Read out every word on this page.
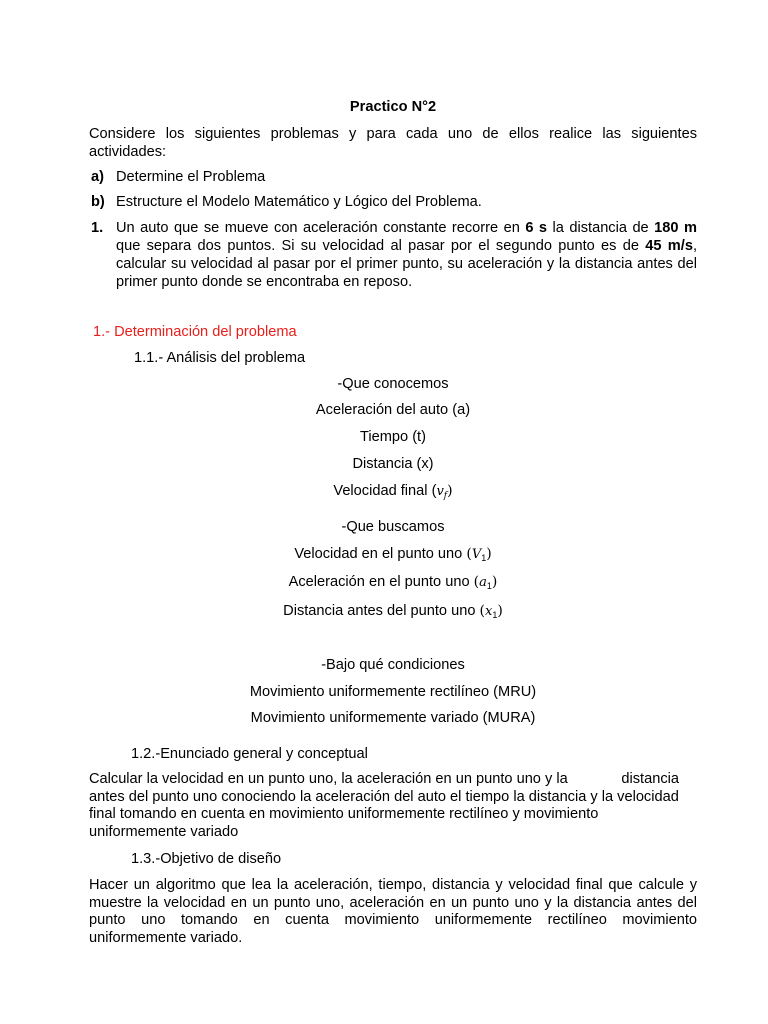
Practico N°2
Considere los siguientes problemas y para cada uno de ellos realice las siguientes actividades:
a) Determine el Problema
b) Estructure el Modelo Matemático y Lógico del Problema.
1. Un auto que se mueve con aceleración constante recorre en 6 s la distancia de 180 m que separa dos puntos. Si su velocidad al pasar por el segundo punto es de 45 m/s, calcular su velocidad al pasar por el primer punto, su aceleración y la distancia antes del primer punto donde se encontraba en reposo.
1.- Determinación del problema
1.1.- Análisis del problema
-Que conocemos
Aceleración del auto (a)
Tiempo (t)
Distancia (x)
Velocidad final $(v_f)$
-Que buscamos
Velocidad en el punto uno $(V_1)$
Aceleración en el punto uno $(a_1)$
Distancia antes del punto uno $(x_1)$
-Bajo qué condiciones
Movimiento uniformemente rectilíneo (MRU)
Movimiento uniformemente variado (MURA)
1.2.-Enunciado general y conceptual
Calcular la velocidad en un punto uno, la aceleración en un punto uno y la	distancia
antes del punto uno conociendo la aceleración del auto el tiempo la distancia y la velocidad final tomando en cuenta en movimiento uniformemente rectilíneo y movimiento uniformemente variado
1.3.-Objetivo de diseño
Hacer un algoritmo que lea la aceleración, tiempo, distancia y velocidad final que calcule y muestre la velocidad en un punto uno, aceleración en un punto uno y la distancia antes del punto uno tomando en cuenta movimiento uniformemente rectilíneo movimiento uniformemente variado.
